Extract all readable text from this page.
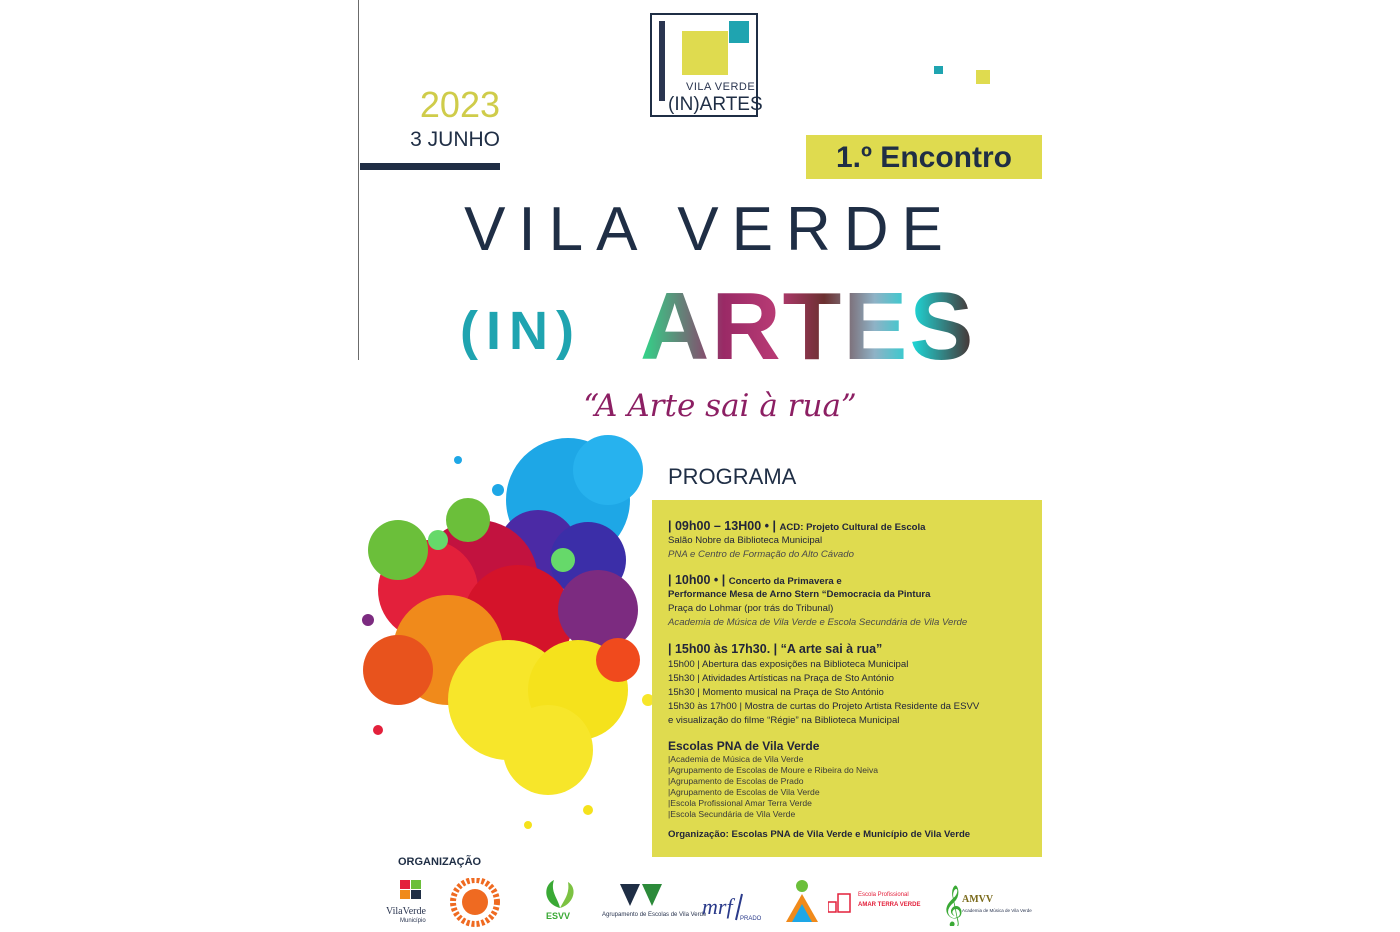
VILA VERDE
(IN)ARTES
2023
3 JUNHO
1.º Encontro
VILA VERDE
(IN) ARTES
“A Arte sai à rua”
PROGRAMA
| 09h00 – 13H00 • | ACD: Projeto Cultural de Escola
Salão Nobre da Biblioteca Municipal
PNA e Centro de Formação do Alto Cávado
| 10h00 • | Concerto da Primavera e
Performance Mesa de Arno Stern “Democracia da Pintura
Praça do Lohmar (por trás do Tribunal)
Academia de Música de Vila Verde e Escola Secundária de Vila Verde
| 15h00 às 17h30. | “A arte sai à rua”
15h00 | Abertura das exposições na Biblioteca Municipal
15h30 | Atividades Artísticas na Praça de Sto António
15h30 | Momento musical na Praça de Sto António
15h30 às 17h00 | Mostra de curtas do Projeto Artista Residente da ESVV
e visualização do filme “Régie” na Biblioteca Municipal
Escolas PNA de Vila Verde
|Academia de Música de Vila Verde
|Agrupamento de Escolas de Moure e Ribeira do Neiva
|Agrupamento de Escolas de Prado
|Agrupamento de Escolas de Vila Verde
|Escola Profissional Amar Terra Verde
|Escola Secundária de Vila Verde
Organização: Escolas PNA de Vila Verde e Município de Vila Verde
ORGANIZAÇÃO
VilaVerde
Município	ESVV	Agrupamento de Escolas de Vila Verde
mrf	PRADO
Escola Profissional
AMAR TERRA VERDE 𝄞
AMVV
Academia de Música de Vila Verde
